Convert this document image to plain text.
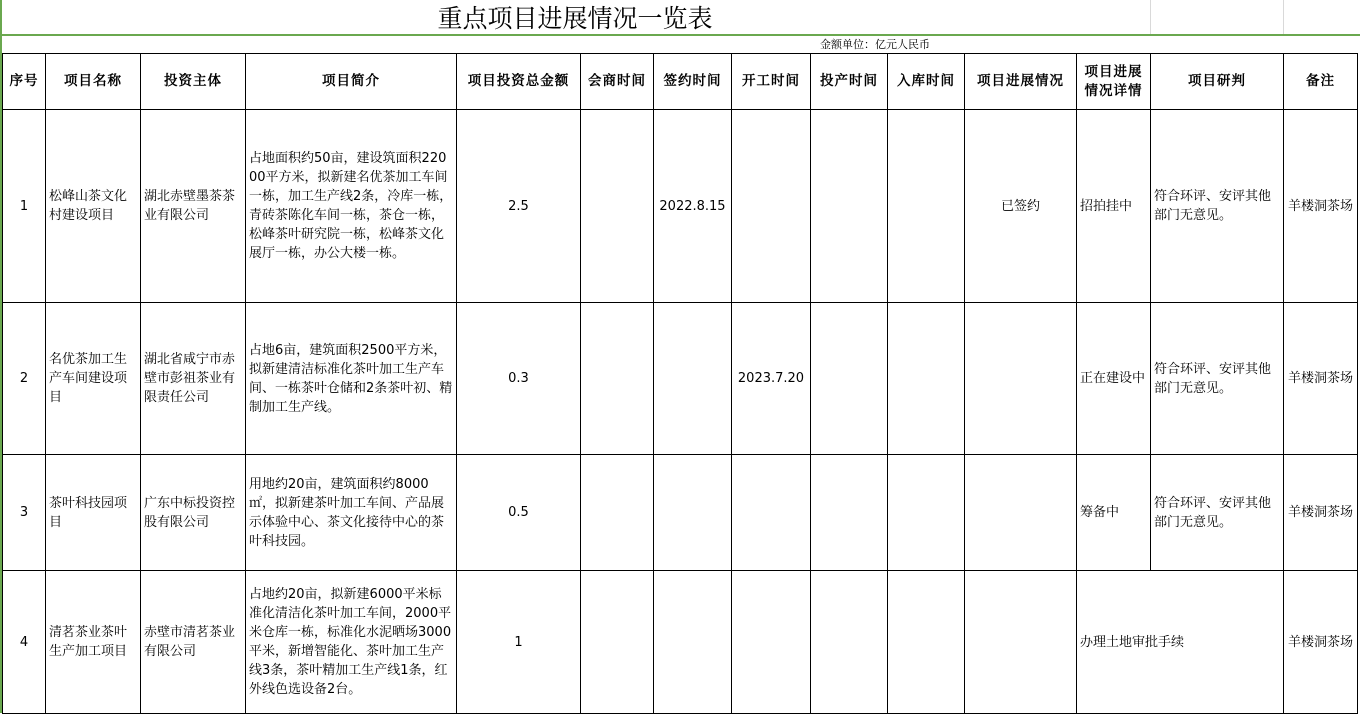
重点项目进展情况一览表
金额单位：亿元人民币
序号	项目名称	投资主体	项目简介	项目投资总金额	会商时间	签约时间	开工时间	投产时间	入库时间	项目进展情况	项目进展情况详情	项目研判	备注
1	松峰山茶文化村建设项目	湖北赤壁墨茶茶业有限公司	占地面积约50亩，建设筑面积22000平方米，拟新建名优茶加工车间一栋，加工生产线2条，冷库一栋，青砖茶陈化车间一栋，茶仓一栋，松峰茶叶研究院一栋，松峰茶文化展厅一栋，办公大楼一栋。	2.5		2022.8.15				已签约	招拍挂中	符合环评、安评其他部门无意见。	羊楼洞茶场
2	名优茶加工生产车间建设项目	湖北省咸宁市赤壁市彭祖茶业有限责任公司	占地6亩，建筑面积2500平方米，拟新建清洁标准化茶叶加工生产车间、一栋茶叶仓储和2条茶叶初、精制加工生产线。	0.3			2023.7.20				正在建设中	符合环评、安评其他部门无意见。	羊楼洞茶场
3	茶叶科技园项目	广东中标投资控股有限公司	用地约20亩，建筑面积约8000㎡，拟新建茶叶加工车间、产品展示体验中心、茶文化接待中心的茶叶科技园。	0.5							筹备中	符合环评、安评其他部门无意见。	羊楼洞茶场
4	清茗茶业茶叶生产加工项目	赤壁市清茗茶业有限公司	占地约20亩，拟新建6000平米标准化清洁化茶叶加工车间，2000平米仓库一栋，标准化水泥晒场3000平米，新增智能化、茶叶加工生产线3条，茶叶精加工生产线1条，红外线色选设备2台。	1							办理土地审批手续		羊楼洞茶场
